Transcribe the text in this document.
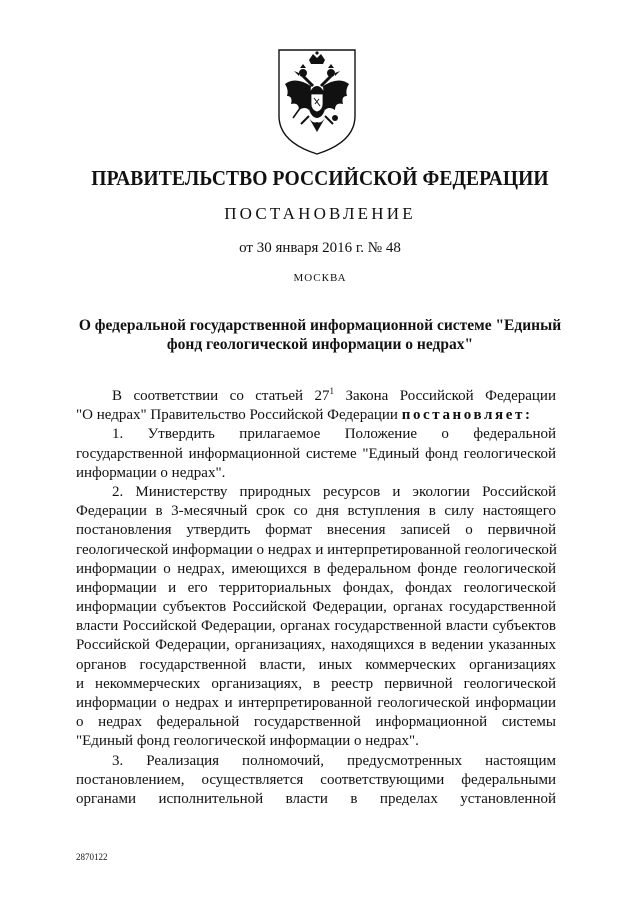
ПРАВИТЕЛЬСТВО РОССИЙСКОЙ ФЕДЕРАЦИИ
ПОСТАНОВЛЕНИЕ
от 30 января 2016 г. № 48
МОСКВА
О федеральной государственной информационной системе "Единый
фонд геологической информации о недрах"
В соответствии со статьей $27^1$ Закона Российской Федерации
"О недрах" Правительство Российской Федерации постановляет:
1. Утвердить прилагаемое Положение о федеральной
государственной информационной системе "Единый фонд геологической
информации о недрах".
2. Министерству природных ресурсов и экологии Российской
Федерации в 3-месячный срок со дня вступления в силу настоящего
постановления утвердить формат внесения записей о первичной
геологической информации о недрах и интерпретированной геологической
информации о недрах, имеющихся в федеральном фонде геологической
информации и его территориальных фондах, фондах геологической
информации субъектов Российской Федерации, органах государственной
власти Российской Федерации, органах государственной власти субъектов
Российской Федерации, организациях, находящихся в ведении указанных
органов государственной власти, иных коммерческих организациях
и некоммерческих организациях, в реестр первичной геологической
информации о недрах и интерпретированной геологической информации
о недрах федеральной государственной информационной системы
"Единый фонд геологической информации о недрах".
3. Реализация полномочий, предусмотренных настоящим
постановлением, осуществляется соответствующими федеральными
органами исполнительной власти в пределах установленной
2870122
